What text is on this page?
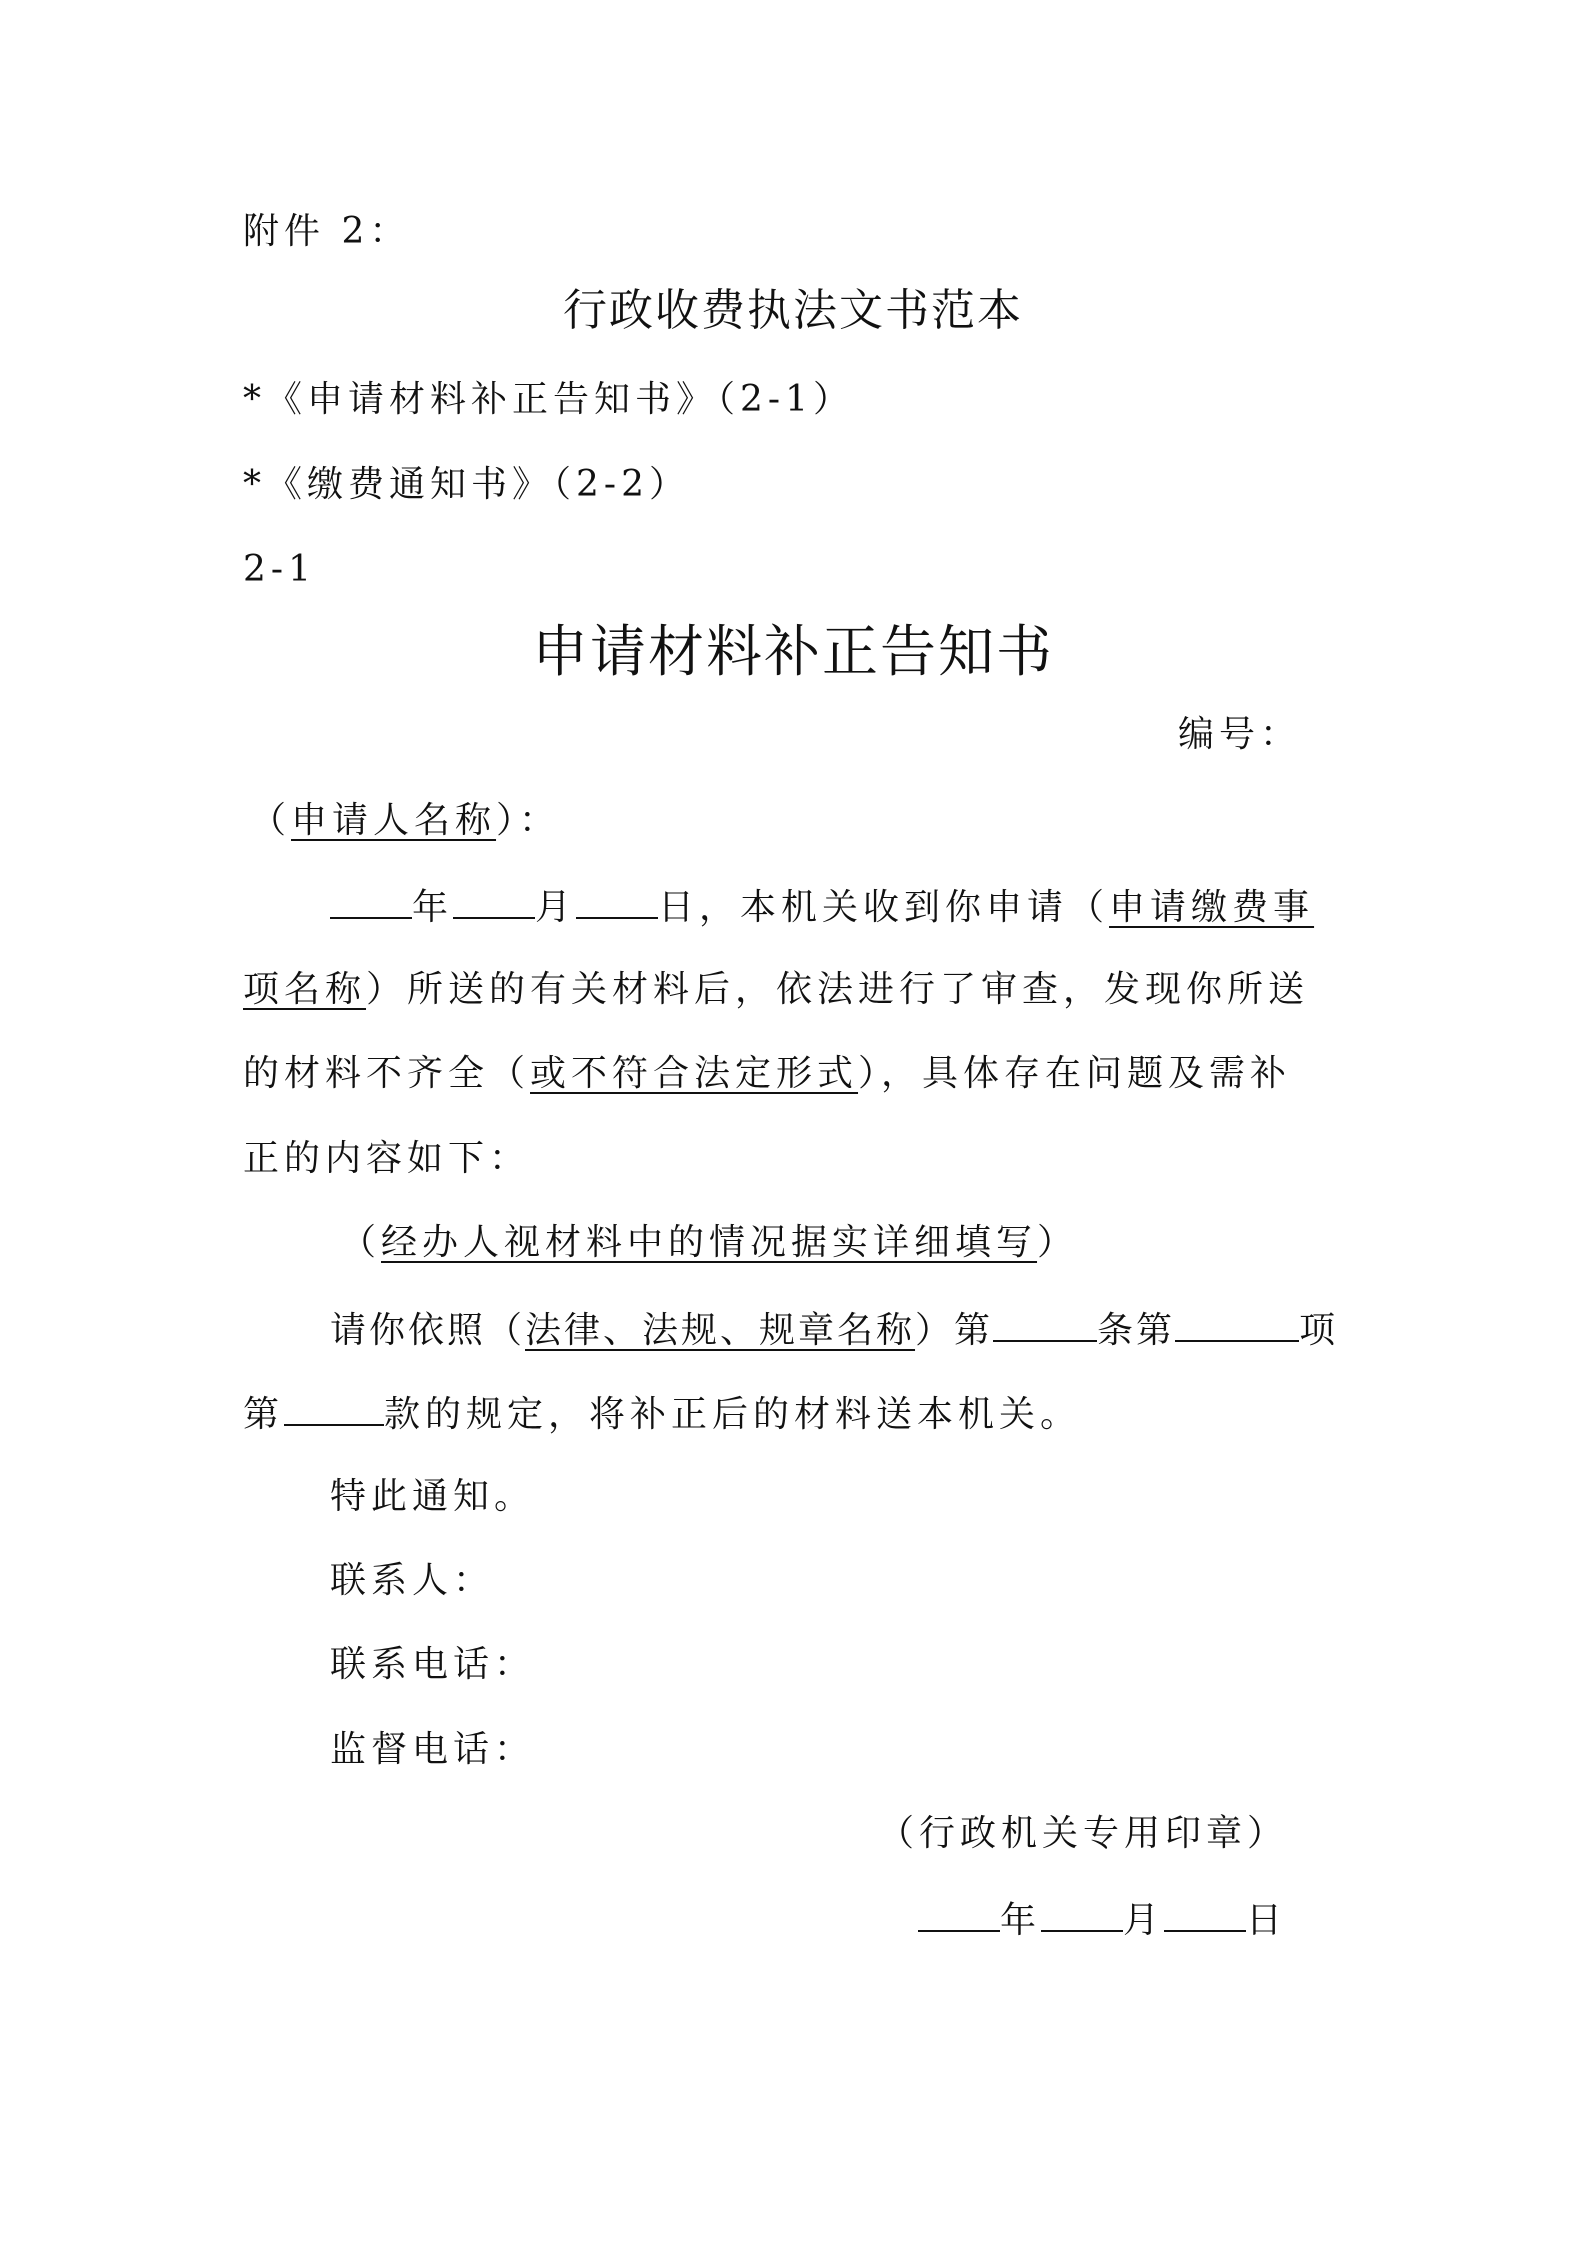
附件 2：
行政收费执法文书范本
*《申请材料补正告知书》（2-1）
*《缴费通知书》（2-2）
2-1
申请材料补正告知书
编号：
（申请人名称）：
年 月 日，本机关收到你申请（申请缴费事
项名称）所送的有关材料后，依法进行了审查，发现你所送
的材料不齐全（或不符合法定形式），具体存在问题及需补
正的内容如下：
（经办人视材料中的情况据实详细填写）
请你依照（法律、法规、规章名称）第	条第	项
第	款的规定，将补正后的材料送本机关。
特此通知。
联系人：
联系电话：
监督电话：
（行政机关专用印章）
年 月 日
